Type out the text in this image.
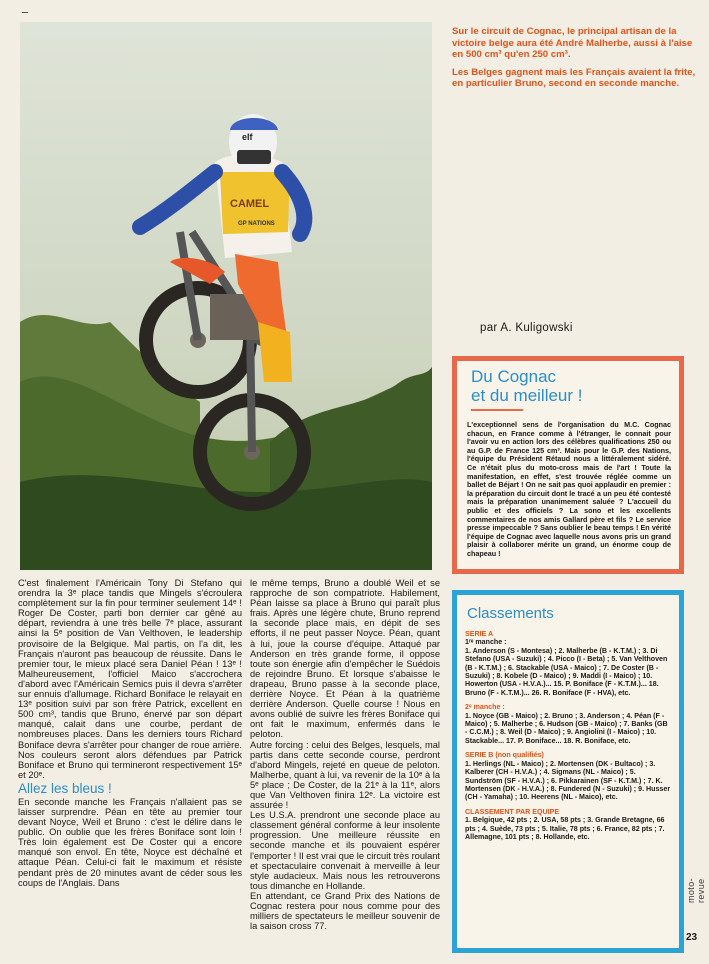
elf
CAMEL
GP NATIONS

Sur le circuit de Cognac, le principal artisan de la victoire belge aura été André Malherbe, aussi à l'aise en 500 cm³ qu'en 250 cm³.

Les Belges gagnent mais les Français avaient la frite, en particulier Bruno, second en seconde manche.

par A. Kuligowski
Du Cognac
et du meilleur !
L'exceptionnel sens de l'organisation du M.C. Cognac chacun, en France comme à l'étranger, le connait pour l'avoir vu en action lors des célèbres qualifications 250 ou au G.P. de France 125 cm³. Mais pour le G.P. des Nations, l'équipe du Président Rétaud nous a littéralement sidéré. Ce n'était plus du moto-cross mais de l'art ! Toute la manifestation, en effet, s'est trouvée réglée comme un ballet de Béjart ! On ne sait pas quoi applaudir en premier : la préparation du circuit dont le tracé a un peu été contesté mais la préparation unanimement saluée ? L'accueil du public et des officiels ? La sono et les excellents commentaires de nos amis Gallard père et fils ? Le service presse impeccable ? Sans oublier le beau temps ! En vérité l'équipe de Cognac avec laquelle nous avons pris un grand plaisir à collaborer mérite un grand, un énorme coup de chapeau !

C'est finalement l'Américain Tony Di Stefano qui orendra la 3ᵉ place tandis que Mingels s'écroulera complètement sur la fin pour terminer seulement 14ᵉ ! Roger De Coster, parti bon dernier car gêné au départ, reviendra à une très belle 7ᵉ place, assurant ainsi la 5ᵉ position de Van Velthoven, le leadership provisoire de la Belgique. Mal partis, on l'a dit, les Français n'auront pas beaucoup de réussite. Dans le premier tour, le mieux placé sera Daniel Péan ! 13ᵉ ! Malheureusement, l'officiel Maico s'accrochera d'abord avec l'Américain Semics puis il devra s'arrêter sur ennuis d'allumage. Richard Boniface le relayait en 13ᵉ position suivi par son frère Patrick, excellent en 500 cm³, tandis que Bruno, énervé par son départ manqué, calait dans une courbe, perdant de nombreuses places. Dans les derniers tours Richard Boniface devra s'arrêter pour changer de roue arrière. Nos couleurs seront alors défendues par Patrick Boniface et Bruno qui termineront respectivement 15ᵉ et 20ᵉ.

Allez les bleus !

En seconde manche les Français n'allaient pas se laisser surprendre. Péan en tête au premier tour devant Noyce, Weil et Bruno : c'est le délire dans le public. On oublie que les frères Boniface sont loin ! Très loin également est De Coster qui a encore manqué son envol. En tête, Noyce est déchaîné et attaque Péan. Celui-ci fait le maximum et résiste pendant près de 20 minutes avant de céder sous les coups de l'Anglais. Dans

le même temps, Bruno a doublé Weil et se rapproche de son compatriote. Habilement, Péan laisse sa place à Bruno qui paraît plus frais. Après une légère chute, Bruno reprend la seconde place mais, en dépit de ses efforts, il ne peut passer Noyce. Péan, quant à lui, joue la course d'équipe. Attaqué par Anderson en très grande forme, il oppose toute son énergie afin d'empêcher le Suédois de rejoindre Bruno. Et lorsque s'abaisse le drapeau, Bruno passe à la seconde place, derrière Noyce. Et Péan à la quatrième derrière Anderson. Quelle course ! Nous en avons oublié de suivre les frères Boniface qui ont fait le maximum, enfermés dans le peloton.

Autre forcing : celui des Belges, lesquels, mal partis dans cette seconde course, perdront d'abord Mingels, rejeté en queue de peloton. Malherbe, quant à lui, va revenir de la 10ᵉ à la 5ᵉ place ; De Coster, de la 21ᵉ à la 11ᵉ, alors que Van Velthoven finira 12ᵉ. La victoire est assurée !

Les U.S.A. prendront une seconde place au classement général conforme à leur insolente progression. Une meilleure réussite en seconde manche et ils pouvaient espérer l'emporter ! Il est vrai que le circuit très roulant et spectaculaire convenait à merveille à leur style audacieux. Mais nous les retrouverons tous dimanche en Hollande.

En attendant, ce Grand Prix des Nations de Cognac restera pour nous comme pour des milliers de spectateurs le meilleur souvenir de la saison cross 77.

Classements

SERIE A

1ʳᵉ manche :

1. Anderson (S - Montesa) ; 2. Malherbe (B - K.T.M.) ; 3. Di Stefano (USA - Suzuki) ; 4. Picco (I - Beta) ; 5. Van Velthoven (B - K.T.M.) ; 6. Stackable (USA - Maico) ; 7. De Coster (B - Suzuki) ; 8. Kobele (D - Maico) ; 9. Maddi (I - Maico) ; 10. Howerton (USA - H.V.A.)... 15. P. Boniface (F - K.T.M.)... 18. Bruno (F - K.T.M.)... 26. R. Boniface (F - HVA), etc.

2ᵉ manche :

1. Noyce (GB - Maico) ; 2. Bruno ; 3. Anderson ; 4. Péan (F - Maico) ; 5. Malherbe ; 6. Hudson (GB - Maico) ; 7. Banks (GB - C.C.M.) ; 8. Weil (D - Maico) ; 9. Angiolini (I - Maico) ; 10. Stackable... 17. P. Boniface... 18. R. Boniface, etc.

SERIE B (non qualifiés)

1. Herlings (NL - Maico) ; 2. Mortensen (DK - Bultaco) ; 3. Kalberer (CH - H.V.A.) ; 4. Sigmans (NL - Maico) ; 5. Sundström (SF - H.V.A.) ; 6. Pikkarainen (SF - K.T.M.) ; 7. K. Mortensen (DK - H.V.A.) ; 8. Fundered (N - Suzuki) ; 9. Husser (CH - Yamaha) ; 10. Heerens (NL - Maico), etc.

CLASSEMENT PAR EQUIPE

1. Belgique, 42 pts ; 2. USA, 58 pts ; 3. Grande Bretagne, 66 pts ; 4. Suède, 73 pts ; 5. Italie, 78 pts ; 6. France, 82 pts ; 7. Allemagne, 101 pts ; 8. Hollande, etc.

moto-revue
23
